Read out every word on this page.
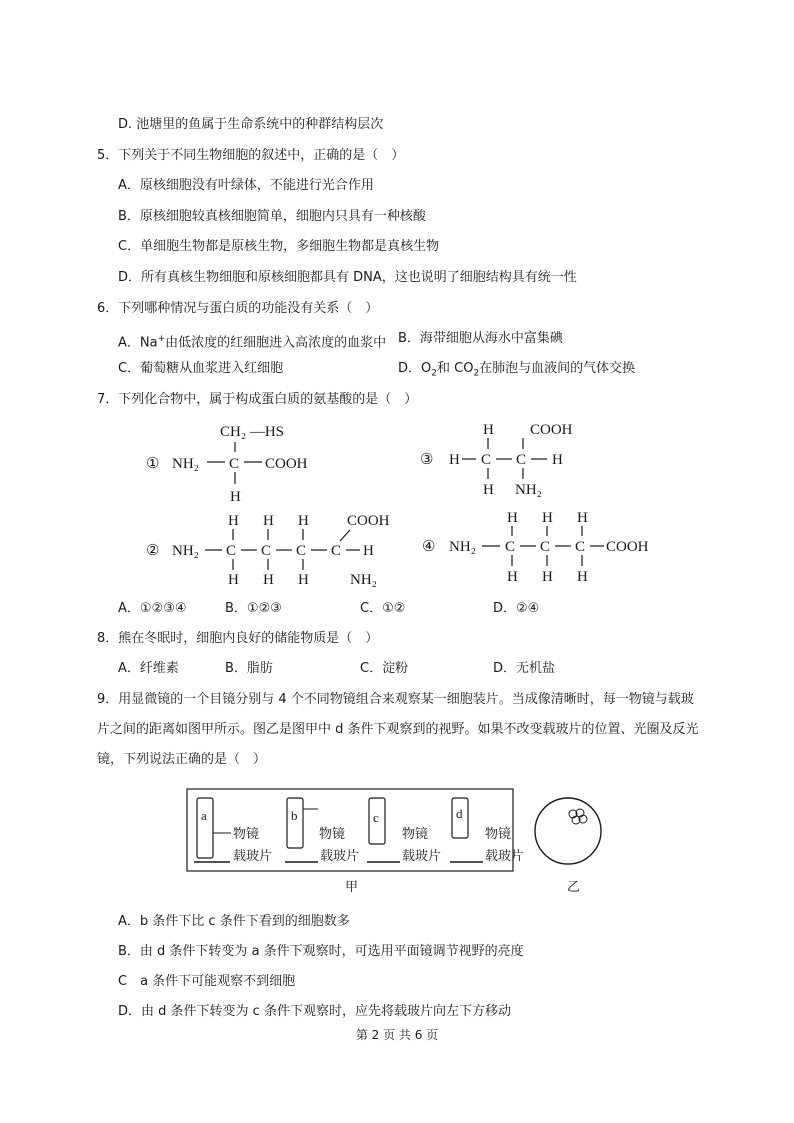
D. 池塘里的鱼属于生命系统中的种群结构层次
5．下列关于不同生物细胞的叙述中，正确的是（　）
A．原核细胞没有叶绿体，不能进行光合作用
B．原核细胞较真核细胞简单，细胞内只具有一种核酸
C．单细胞生物都是原核生物，多细胞生物都是真核生物
D．所有真核生物细胞和原核细胞都具有 DNA，这也说明了细胞结构具有统一性
6．下列哪种情况与蛋白质的功能没有关系（　）
A．Na+由低浓度的红细胞进入高浓度的血浆中 B．海带细胞从海水中富集碘
C．葡萄糖从血浆进入红细胞	D．$O_2$和 $CO_2$在肺泡与血液间的气体交换
7．下列化合物中，属于构成蛋白质的氨基酸的是（　）
① NH₂ C COOH
CH₂ —HS
H
③ H C C H
H
H
COOH
NH₂
② NH₂ C C C C H
H H H
H H H
COOH
NH₂
④ NH₂ C C C COOH
H H H
H H H
A．①②③④	B．①②③	C．①②	D．②④
8．熊在冬眠时，细胞内良好的储能物质是（　）
A．纤维素	B．脂肪	C．淀粉	D．无机盐
9．用显微镜的一个目镜分别与 4 个不同物镜组合来观察某一细胞装片。当成像清晰时，每一物镜与载玻
片之间的距离如图甲所示。图乙是图甲中 d 条件下观察到的视野。如果不改变载玻片的位置、光圈及反光
镜，下列说法正确的是（　）
a
物镜
载玻片
b
物镜
载玻片
c
物镜
载玻片
d
物镜
载玻片
甲	乙
A．b 条件下比 c 条件下看到的细胞数多
B．由 d 条件下转变为 a 条件下观察时，可选用平面镜调节视野的亮度
C　a 条件下可能观察不到细胞
D．由 d 条件下转变为 c 条件下观察时，应先将载玻片向左下方移动
第 2 页 共 6 页
